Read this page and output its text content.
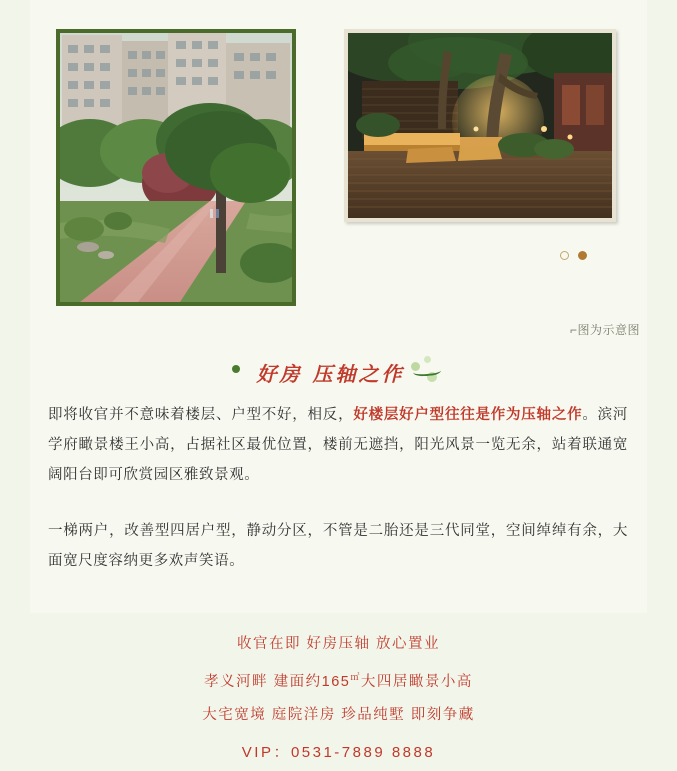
⌐图为示意图
好房 压轴之作

即将收官并不意味着楼层、户型不好，相反，好楼层好户型往往是作为压轴之作。滨河学府瞰景楼王小高，占据社区最优位置，楼前无遮挡，阳光风景一览无余，站着联通宽阔阳台即可欣赏园区雅致景观。

一梯两户，改善型四居户型，静动分区，不管是二胎还是三代同堂，空间绰绰有余，大面宽尺度容纳更多欢声笑语。

收官在即 好房压轴 放心置业
孝义河畔 建面约165㎡大四居瞰景小高
大宅宽境 庭院洋房 珍品纯墅 即刻争藏
VIP：0531-7889 8888
